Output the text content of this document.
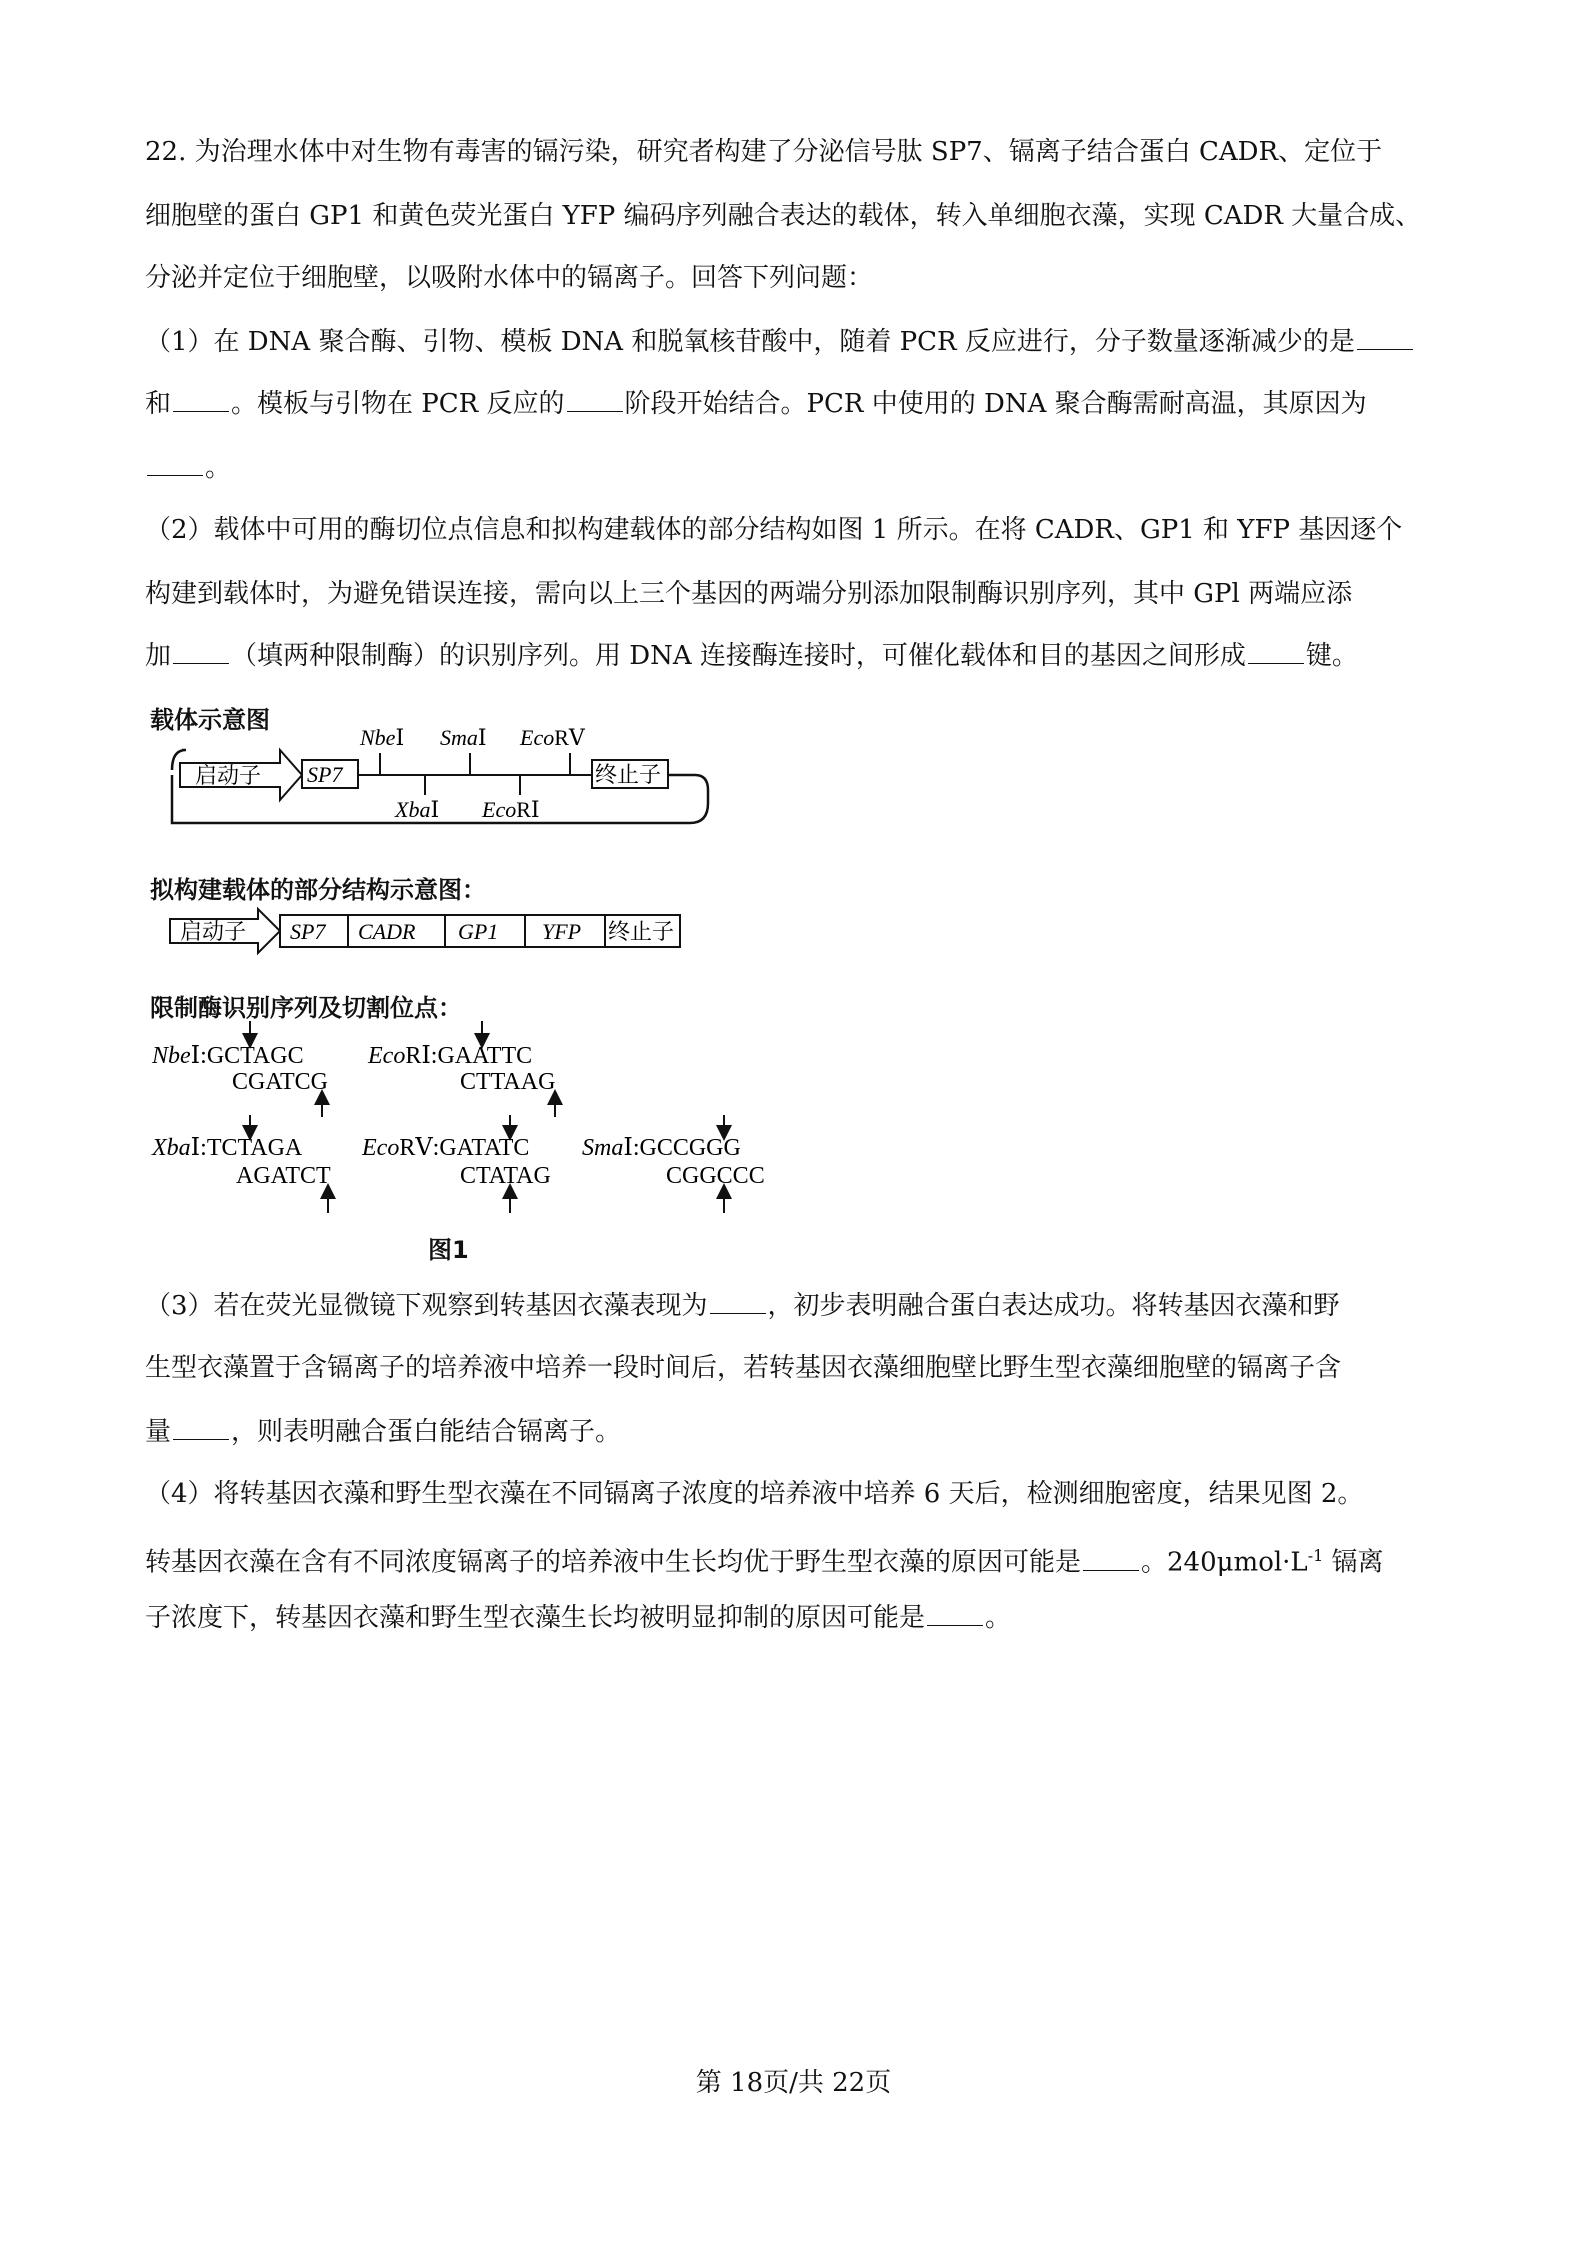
22. 为治理水体中对生物有毒害的镉污染，研究者构建了分泌信号肽 SP7、镉离子结合蛋白 CADR、定位于
细胞壁的蛋白 GP1 和黄色荧光蛋白 YFP 编码序列融合表达的载体，转入单细胞衣藻，实现 CADR 大量合成、
分泌并定位于细胞壁，以吸附水体中的镉离子。回答下列问题：
（1）在 DNA 聚合酶、引物、模板 DNA 和脱氧核苷酸中，随着 PCR 反应进行，分子数量逐渐减少的是
和 。模板与引物在 PCR 反应的 阶段开始结合。PCR 中使用的 DNA 聚合酶需耐高温，其原因为
。
（2）载体中可用的酶切位点信息和拟构建载体的部分结构如图 1 所示。在将 CADR、GP1 和 YFP 基因逐个
构建到载体时，为避免错误连接，需向以上三个基因的两端分别添加限制酶识别序列，其中 GPl 两端应添
加 （填两种限制酶）的识别序列。用 DNA 连接酶连接时，可催化载体和目的基因之间形成 键。
载体示意图
启动子 SP7	终止子
NbeⅠ SmaⅠ EcoRⅤ
XbaⅠ EcoRⅠ
拟构建载体的部分结构示意图：
启动子 SP7 CADR GP1 YFP 终止子
限制酶识别序列及切割位点：
NbeⅠ:GCTAGC
CGATCG
EcoRⅠ:GAATTC
CTTAAG
XbaⅠ:TCTAGA
AGATCT
EcoRⅤ:GATATC
CTATAG
SmaⅠ:GCCGGG
CGGCCC
图1
（3）若在荧光显微镜下观察到转基因衣藻表现为 ，初步表明融合蛋白表达成功。将转基因衣藻和野
生型衣藻置于含镉离子的培养液中培养一段时间后，若转基因衣藻细胞壁比野生型衣藻细胞壁的镉离子含
量 ，则表明融合蛋白能结合镉离子。
（4）将转基因衣藻和野生型衣藻在不同镉离子浓度的培养液中培养 6 天后，检测细胞密度，结果见图 2。
转基因衣藻在含有不同浓度镉离子的培养液中生长均优于野生型衣藻的原因可能是 。$240\mu mol\cdot L^{-1}$ 镉离
子浓度下，转基因衣藻和野生型衣藻生长均被明显抑制的原因可能是 。
第 18页/共 22页
